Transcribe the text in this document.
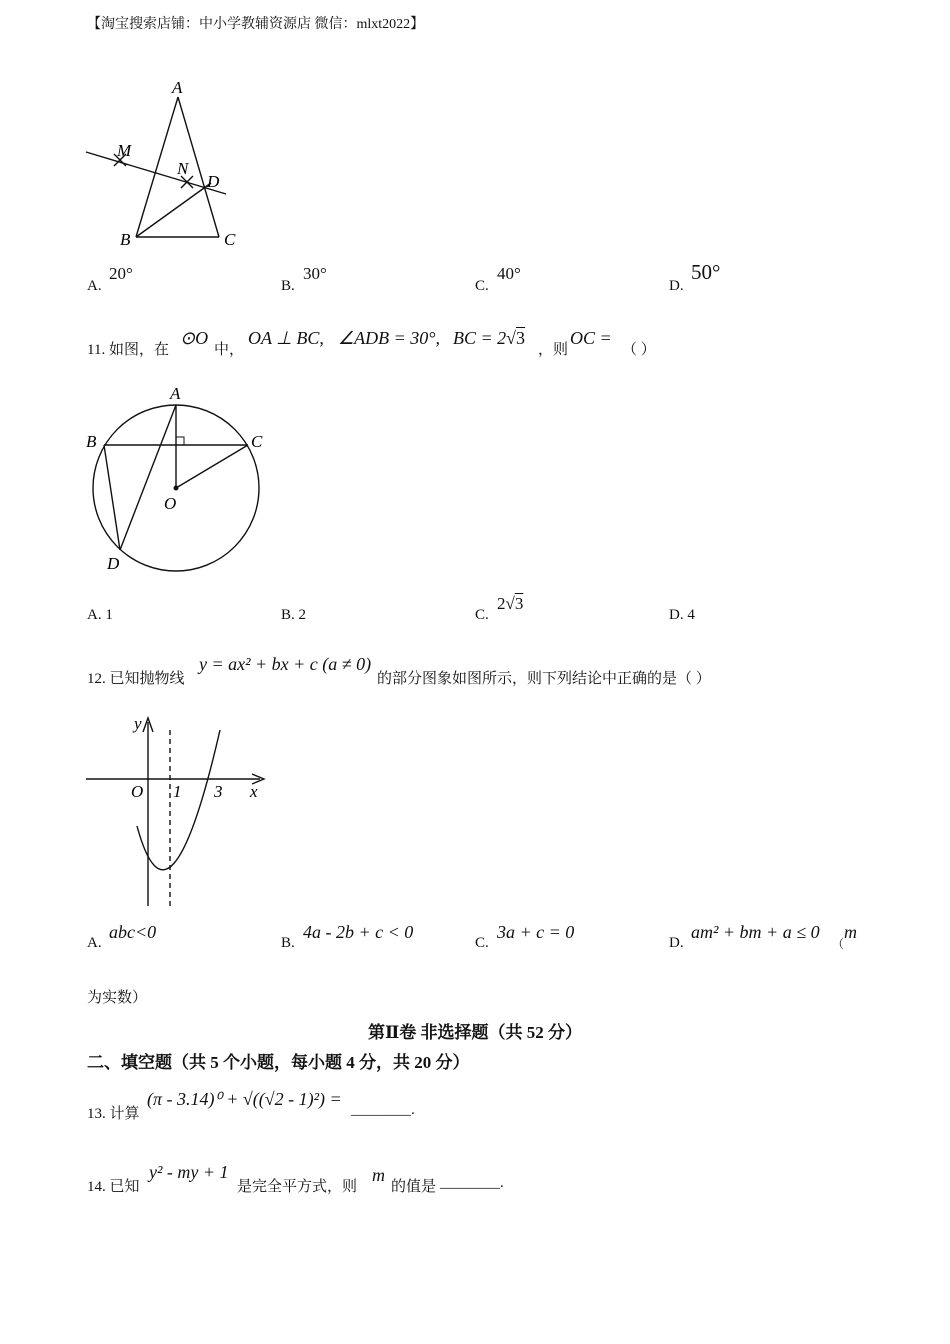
【淘宝搜索店铺：中小学教辅资源店 微信：mlxt2022】
A
M
N
D
B	C
A.
20°
B.
30°
C.
40°
D.
50°
11. 如图，在
⊙O
中，
OA ⊥ BC, ∠ADB = 30°, BC = 2√3
，则
OC =
（ ）
A
B	C
O
D
A. 1	B. 2	C.
2√3
D. 4
12. 已知抛物线
y = ax² + bx + c (a ≠ 0)
的部分图象如图所示，则下列结论中正确的是（ ）
y
O 1 3 x
A.
abc<0
B.
4a - 2b + c < 0
C.
3a + c = 0
D.
am² + bm + a ≤ 0
（
m
为实数）
第Ⅱ卷 非选择题（共 52 分）
二、填空题（共 5 个小题，每小题 4 分，共 20 分）
13. 计算
(π - 3.14)⁰ + √((√2 - 1)²) =
________.
14. 已知
y² - my + 1
是完全平方式，则
m
的值是 ________.
